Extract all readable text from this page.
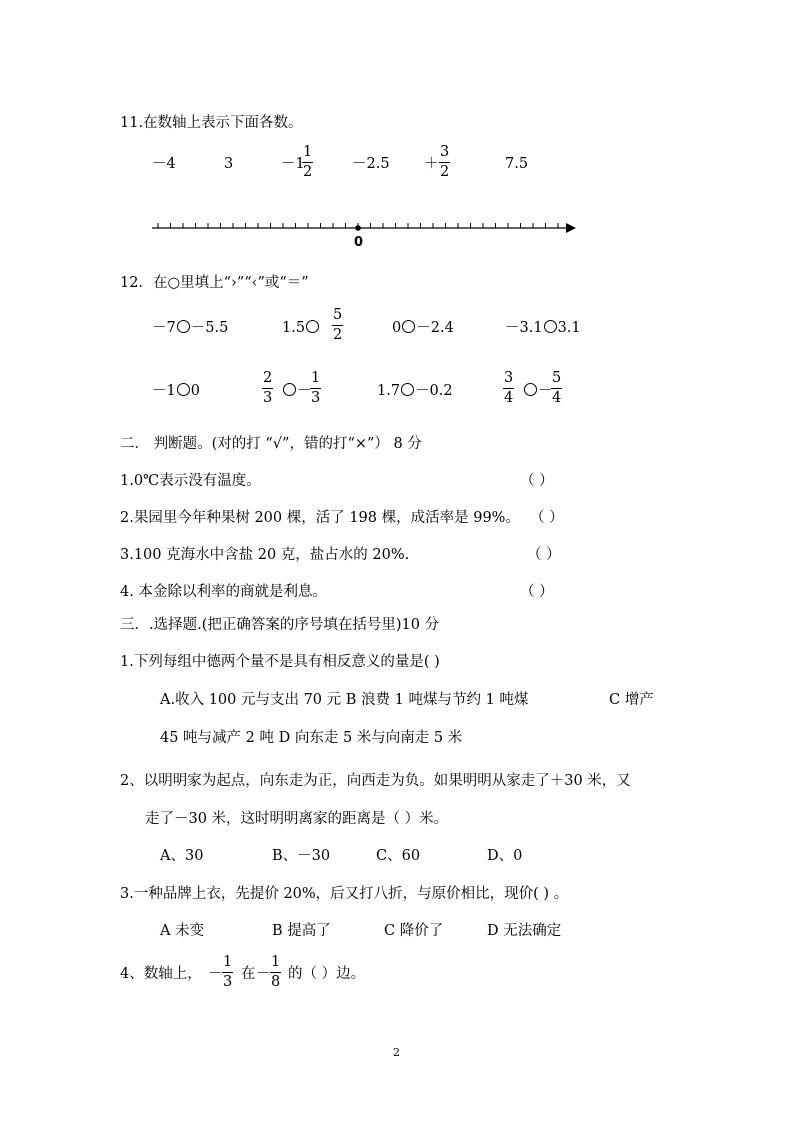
11.在数轴上表示下面各数。
－4	3	－1
$\frac{1}{2}$	$-2.5 + \frac{3}{2}$	7.5
0
12．在○里填上“›”“‹”或“＝”
－7 －5.5	1.5	$\frac{5}{2}$	0 －2.4	－3.1 3.1
－1 0	$\frac{2}{3}$	－
$\frac{1}{3}$	1.7 －0.2	$\frac{3}{4}$	－
$\frac{5}{4}$
二． 判断题。(对的打 “√”，错的打“×”） 8 分
1.0℃表示没有温度。	（ ）
2.果园里今年种果树 200 棵，活了 198 棵，成活率是 99%。 （ ）
3.100 克海水中含盐 20 克，盐占水的 20%.	（ ）
4. 本金除以利率的商就是利息。	（ ）
三．.选择题.(把正确答案的序号填在括号里)10 分
1.下列每组中德两个量不是具有相反意义的量是( )
A.收入 100 元与支出 70 元 B 浪费 1 吨煤与节约 1 吨煤	C 增产
45 吨与减产 2 吨 D 向东走 5 米与向南走 5 米
2、以明明家为起点，向东走为正，向西走为负。如果明明从家走了＋30 米，又
走了－30 米，这时明明离家的距离是（ ）米。
A、30	B、－30	C、60	D、0
3.一种品牌上衣，先提价 20%，后又打八折，与原价相比，现价( ) 。
A 未变	B 提高了	C 降价了	D 无法确定
4、数轴上， － $\frac{1}{3}$ 在 － $\frac{1}{8}$ 的（ ）边。
2
